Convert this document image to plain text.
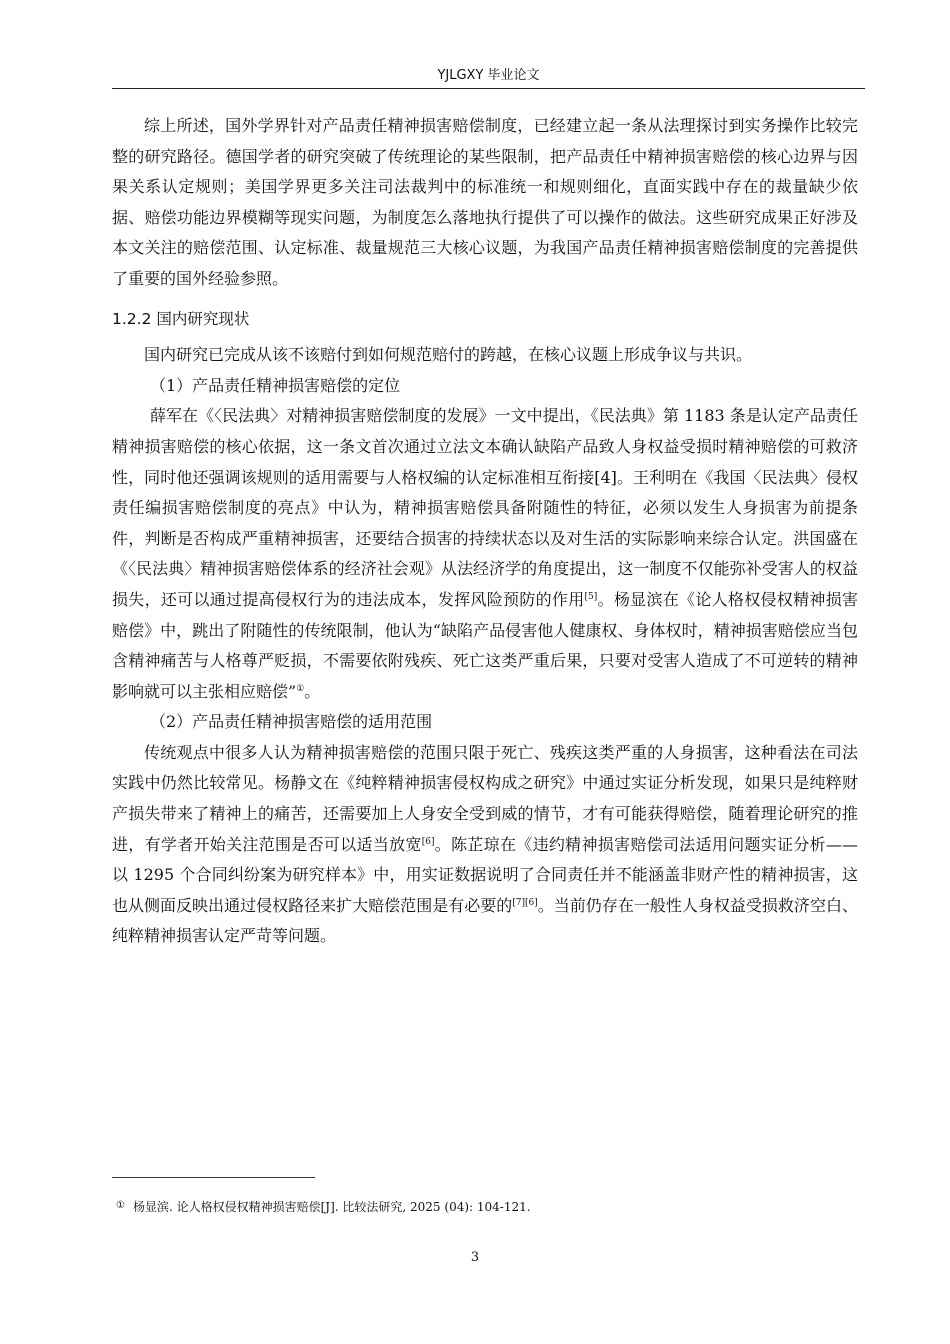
YJLGXY 毕业论文

综上所述，国外学界针对产品责任精神损害赔偿制度，已经建立起一条从法理探讨到实务操作比较完整的研究路径。德国学者的研究突破了传统理论的某些限制，把产品责任中精神损害赔偿的核心边界与因果关系认定规则；美国学界更多关注司法裁判中的标准统一和规则细化，直面实践中存在的裁量缺少依据、赔偿功能边界模糊等现实问题，为制度怎么落地执行提供了可以操作的做法。这些研究成果正好涉及本文关注的赔偿范围、认定标准、裁量规范三大核心议题，为我国产品责任精神损害赔偿制度的完善提供了重要的国外经验参照。

1.2.2 国内研究现状

国内研究已完成从该不该赔付到如何规范赔付的跨越，在核心议题上形成争议与共识。

（1）产品责任精神损害赔偿的定位

薛军在《〈民法典〉对精神损害赔偿制度的发展》一文中提出，《民法典》第 1183 条是认定产品责任精神损害赔偿的核心依据，这一条文首次通过立法文本确认缺陷产品致人身权益受损时精神赔偿的可救济性，同时他还强调该规则的适用需要与人格权编的认定标准相互衔接[4]。王利明在《我国〈民法典〉侵权责任编损害赔偿制度的亮点》中认为，精神损害赔偿具备附随性的特征，必须以发生人身损害为前提条件，判断是否构成严重精神损害，还要结合损害的持续状态以及对生活的实际影响来综合认定。洪国盛在《〈民法典〉精神损害赔偿体系的经济社会观》从法经济学的角度提出，这一制度不仅能弥补受害人的权益损失，还可以通过提高侵权行为的违法成本，发挥风险预防的作用[5]。杨显滨在《论人格权侵权精神损害赔偿》中，跳出了附随性的传统限制，他认为“缺陷产品侵害他人健康权、身体权时，精神损害赔偿应当包含精神痛苦与人格尊严贬损，不需要依附残疾、死亡这类严重后果，只要对受害人造成了不可逆转的精神影响就可以主张相应赔偿”①。

（2）产品责任精神损害赔偿的适用范围

传统观点中很多人认为精神损害赔偿的范围只限于死亡、残疾这类严重的人身损害，这种看法在司法实践中仍然比较常见。杨静文在《纯粹精神损害侵权构成之研究》中通过实证分析发现，如果只是纯粹财产损失带来了精神上的痛苦，还需要加上人身安全受到威的情节，才有可能获得赔偿，随着理论研究的推进，有学者开始关注范围是否可以适当放宽[6]。陈芷琼在《违约精神损害赔偿司法适用问题实证分析——以 1295 个合同纠纷案为研究样本》中，用实证数据说明了合同责任并不能涵盖非财产性的精神损害，这也从侧面反映出通过侵权路径来扩大赔偿范围是有必要的[7][6]。当前仍存在一般性人身权益受损救济空白、纯粹精神损害认定严苛等问题。

① 杨显滨. 论人格权侵权精神损害赔偿[J]. 比较法研究, 2025 (04): 104-121.
3
